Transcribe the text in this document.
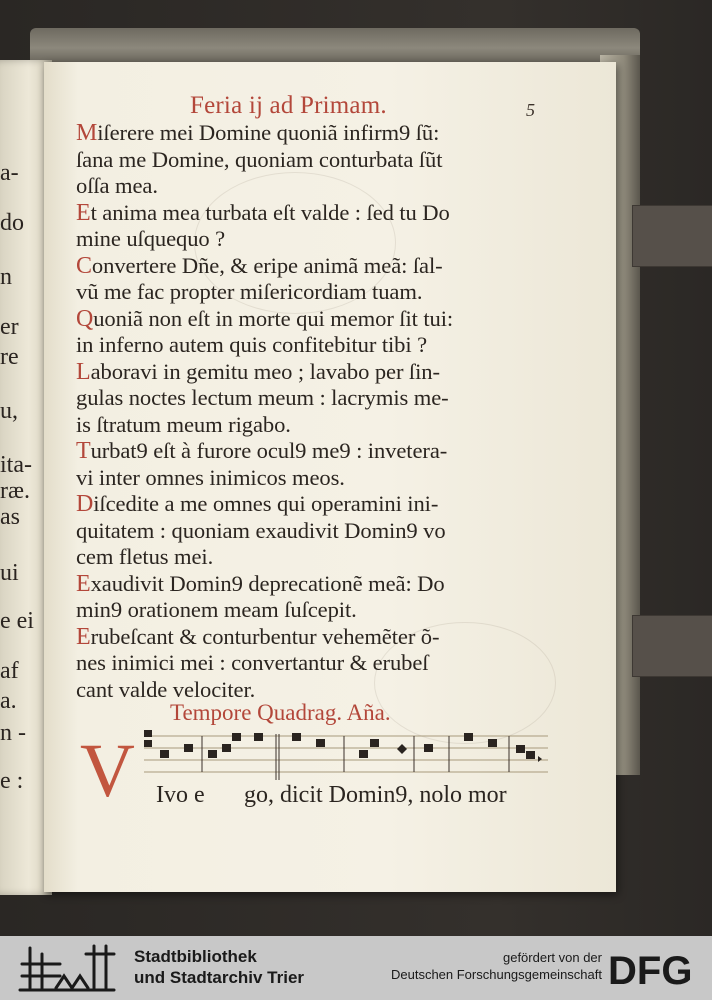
a-
do
n
er
re
u,
ita-
ræ.
as
ui
e ei
af
a.
n -
e :
Feria ij ad Primam.	5

Miſerere mei Domine quoniã infirm9 ſũ:
ſana me Domine, quoniam conturbata ſũt
oſſa mea.

Et anima mea turbata eſt valde : ſed tu Do
mine uſquequo ?

Convertere Dñe, & eripe animã meã: ſal-
vũ me fac propter miſericordiam tuam.

Quoniã non eſt in morte qui memor ſit tui:
in inferno autem quis confitebitur tibi ?

Laboravi in gemitu meo ; lavabo per ſin-
gulas noctes lectum meum : lacrymis me-
is ſtratum meum rigabo.

Turbat9 eſt à furore ocul9 me9 : invetera-
vi inter omnes inimicos meos.

Diſcedite a me omnes qui operamini ini-
quitatem : quoniam exaudivit Domin9 vo
cem fletus mei.

Exaudivit Domin9 deprecationẽ meã: Do
min9 orationem meam ſuſcepit.

Erubeſcant & conturbentur vehemẽter õ-
nes inimici mei : convertantur & erubeſ
cant valde velociter.

Tempore Quadrag. Aña.
V Ivo e go, dicit Domin9, nolo mor
Stadtbibliothek
und Stadtarchiv Trier
gefördert von der
Deutschen Forschungsgemeinschaft DFG
